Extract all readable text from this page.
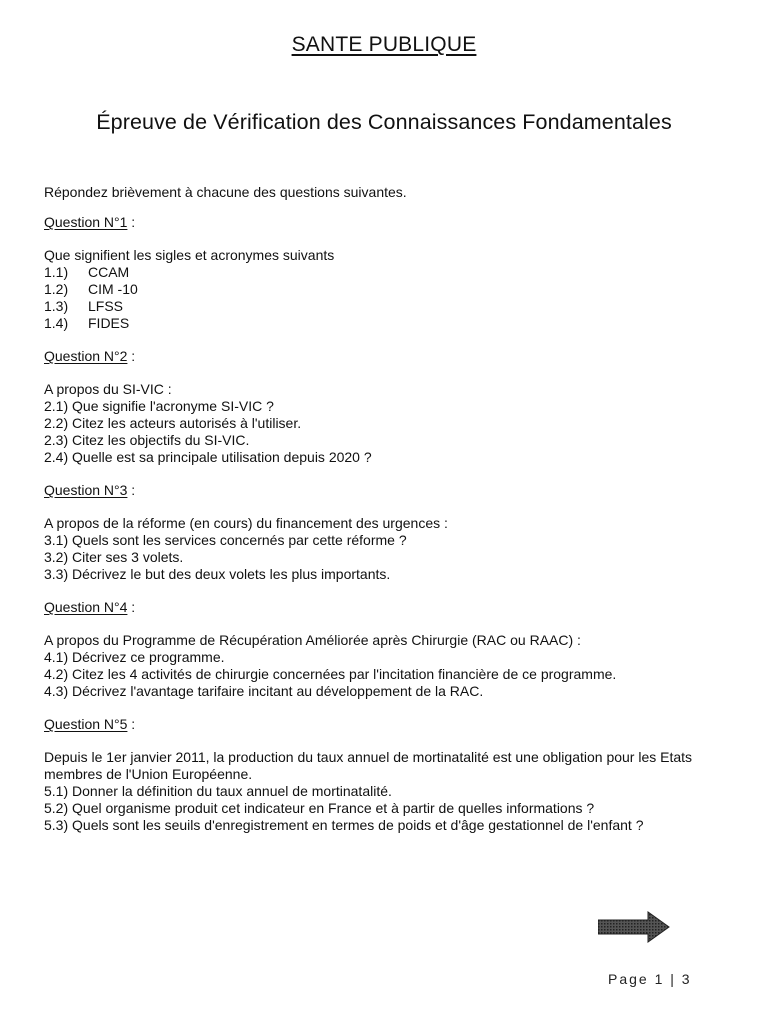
SANTE PUBLIQUE
Épreuve de Vérification des Connaissances Fondamentales

Répondez brièvement à chacune des questions suivantes.

Question N°1 :

Que signifient les sigles et acronymes suivants

1.1) CCAM

1.2) CIM -10

1.3) LFSS

1.4) FIDES

Question N°2 :

A propos du SI-VIC :

2.1) Que signifie l'acronyme SI-VIC ?

2.2) Citez les acteurs autorisés à l'utiliser.

2.3) Citez les objectifs du SI-VIC.

2.4) Quelle est sa principale utilisation depuis 2020 ?

Question N°3 :

A propos de la réforme (en cours) du financement des urgences :

3.1) Quels sont les services concernés par cette réforme ?

3.2) Citer ses 3 volets.

3.3) Décrivez le but des deux volets les plus importants.

Question N°4 :

A propos du Programme de Récupération Améliorée après Chirurgie (RAC ou RAAC) :

4.1) Décrivez ce programme.

4.2) Citez les 4 activités de chirurgie concernées par l'incitation financière de ce programme.

4.3) Décrivez l'avantage tarifaire incitant au développement de la RAC.

Question N°5 :

Depuis le 1er janvier 2011, la production du taux annuel de mortinatalité est une obligation pour les Etats membres de l'Union Européenne.

5.1) Donner la définition du taux annuel de mortinatalité.

5.2) Quel organisme produit cet indicateur en France et à partir de quelles informations ?

5.3) Quels sont les seuils d'enregistrement en termes de poids et d'âge gestationnel de l'enfant ?

Page 1 | 3
